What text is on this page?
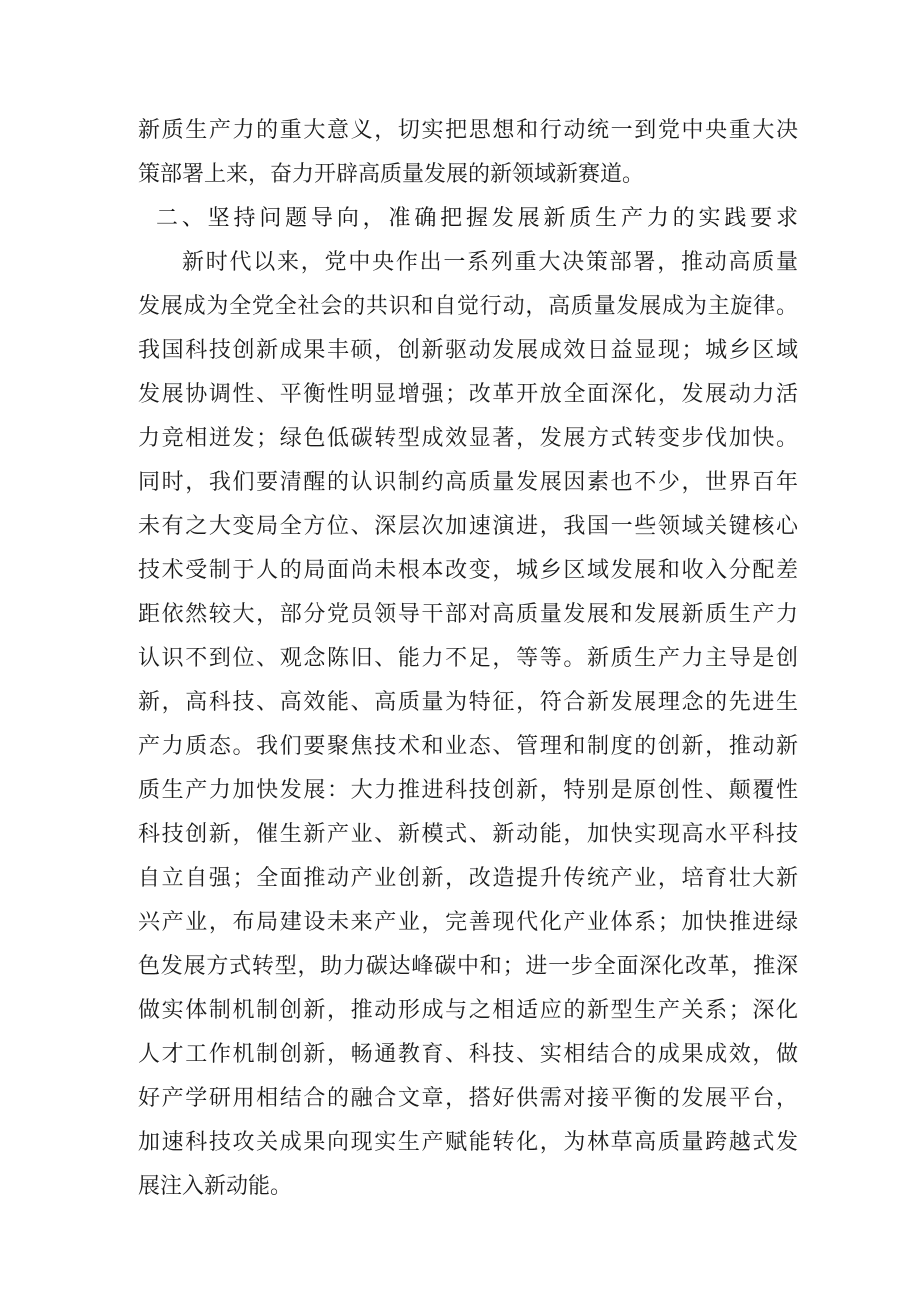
新质生产力的重大意义，切实把思想和行动统一到党中央重大决
策部署上来，奋力开辟高质量发展的新领域新赛道。
二、坚持问题导向，准确把握发展新质生产力的实践要求
新时代以来，党中央作出一系列重大决策部署，推动高质量
发展成为全党全社会的共识和自觉行动，高质量发展成为主旋律。
我国科技创新成果丰硕，创新驱动发展成效日益显现；城乡区域
发展协调性、平衡性明显增强；改革开放全面深化，发展动力活
力竞相迸发；绿色低碳转型成效显著，发展方式转变步伐加快。
同时，我们要清醒的认识制约高质量发展因素也不少，世界百年
未有之大变局全方位、深层次加速演进，我国一些领域关键核心
技术受制于人的局面尚未根本改变，城乡区域发展和收入分配差
距依然较大，部分党员领导干部对高质量发展和发展新质生产力
认识不到位、观念陈旧、能力不足，等等。新质生产力主导是创
新，高科技、高效能、高质量为特征，符合新发展理念的先进生
产力质态。我们要聚焦技术和业态、管理和制度的创新，推动新
质生产力加快发展：大力推进科技创新，特别是原创性、颠覆性
科技创新，催生新产业、新模式、新动能，加快实现高水平科技
自立自强；全面推动产业创新，改造提升传统产业，培育壮大新
兴产业，布局建设未来产业，完善现代化产业体系；加快推进绿
色发展方式转型，助力碳达峰碳中和；进一步全面深化改革，推深
做实体制机制创新，推动形成与之相适应的新型生产关系；深化
人才工作机制创新，畅通教育、科技、实相结合的成果成效，做
好产学研用相结合的融合文章，搭好供需对接平衡的发展平台，
加速科技攻关成果向现实生产赋能转化，为林草高质量跨越式发
展注入新动能。
